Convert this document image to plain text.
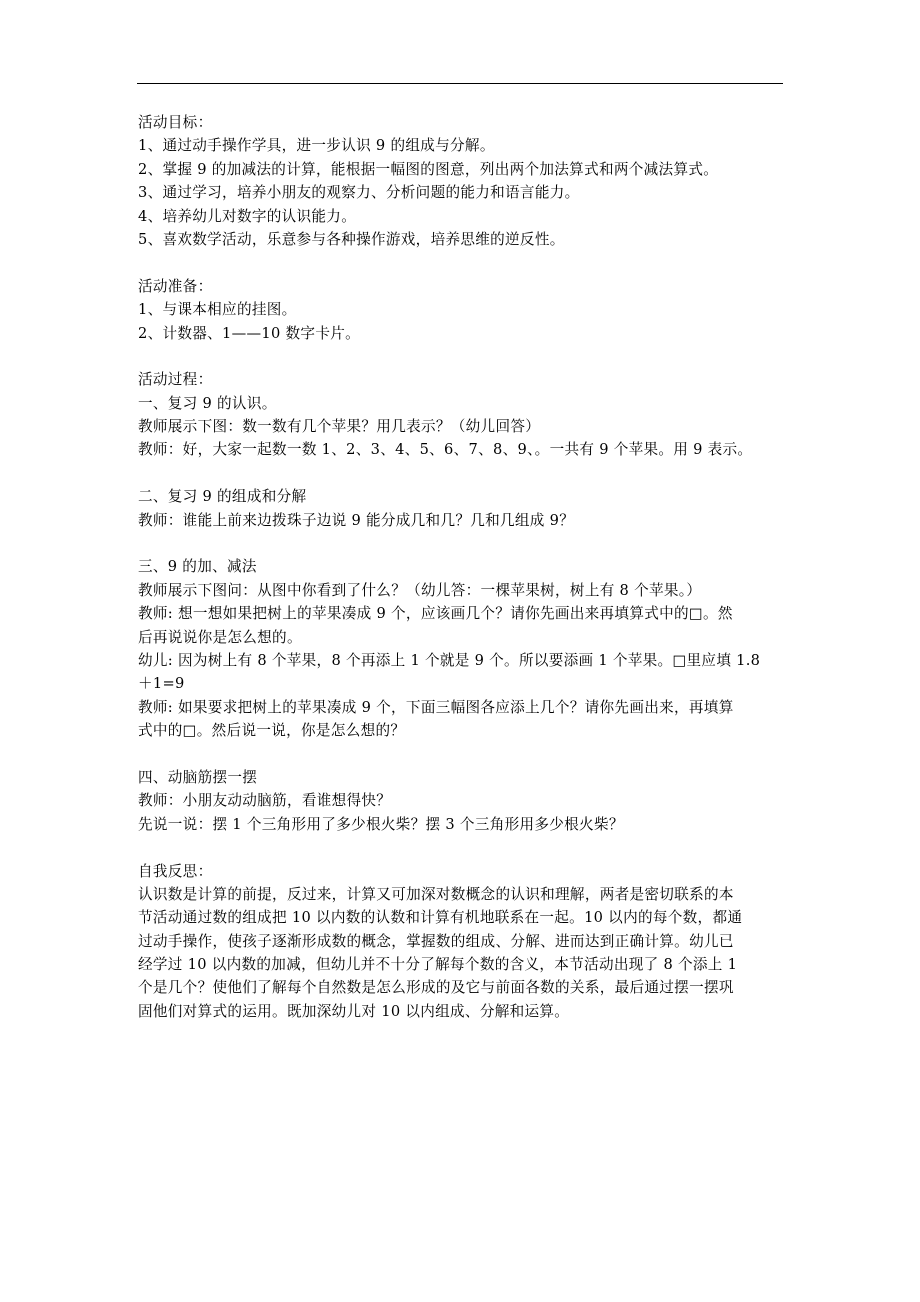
活动目标：
1、通过动手操作学具，进一步认识 9 的组成与分解。
2、掌握 9 的加减法的计算，能根据一幅图的图意，列出两个加法算式和两个减法算式。
3、通过学习，培养小朋友的观察力、分析问题的能力和语言能力。
4、培养幼儿对数字的认识能力。
5、喜欢数学活动，乐意参与各种操作游戏，培养思维的逆反性。
活动准备：
1、与课本相应的挂图。
2、计数器、1——10 数字卡片。
活动过程：
一、复习 9 的认识。
教师展示下图：数一数有几个苹果？用几表示？（幼儿回答）
教师：好，大家一起数一数 1、2、3、4、5、6、7、8、9、。一共有 9 个苹果。用 9 表示。
二、复习 9 的组成和分解
教师：谁能上前来边拨珠子边说 9 能分成几和几？几和几组成 9？
三、9 的加、减法
教师展示下图问：从图中你看到了什么？（幼儿答：一棵苹果树，树上有 8 个苹果。）
教师: 想一想如果把树上的苹果凑成 9 个，应该画几个？请你先画出来再填算式中的□。然
后再说说你是怎么想的。
幼儿: 因为树上有 8 个苹果，8 个再添上 1 个就是 9 个。所以要添画 1 个苹果。□里应填 1.8
＋1=9
教师: 如果要求把树上的苹果凑成 9 个，下面三幅图各应添上几个？请你先画出来，再填算
式中的□。然后说一说，你是怎么想的？
四、动脑筋摆一摆
教师：小朋友动动脑筋，看谁想得快？
先说一说：摆 1 个三角形用了多少根火柴？摆 3 个三角形用多少根火柴？
自我反思：
认识数是计算的前提，反过来，计算又可加深对数概念的认识和理解，两者是密切联系的本
节活动通过数的组成把 10 以内数的认数和计算有机地联系在一起。10 以内的每个数，都通
过动手操作，使孩子逐渐形成数的概念，掌握数的组成、分解、进而达到正确计算。幼儿已
经学过 10 以内数的加减，但幼儿并不十分了解每个数的含义，本节活动出现了 8 个添上 1
个是几个？使他们了解每个自然数是怎么形成的及它与前面各数的关系，最后通过摆一摆巩
固他们对算式的运用。既加深幼儿对 10 以内组成、分解和运算。
